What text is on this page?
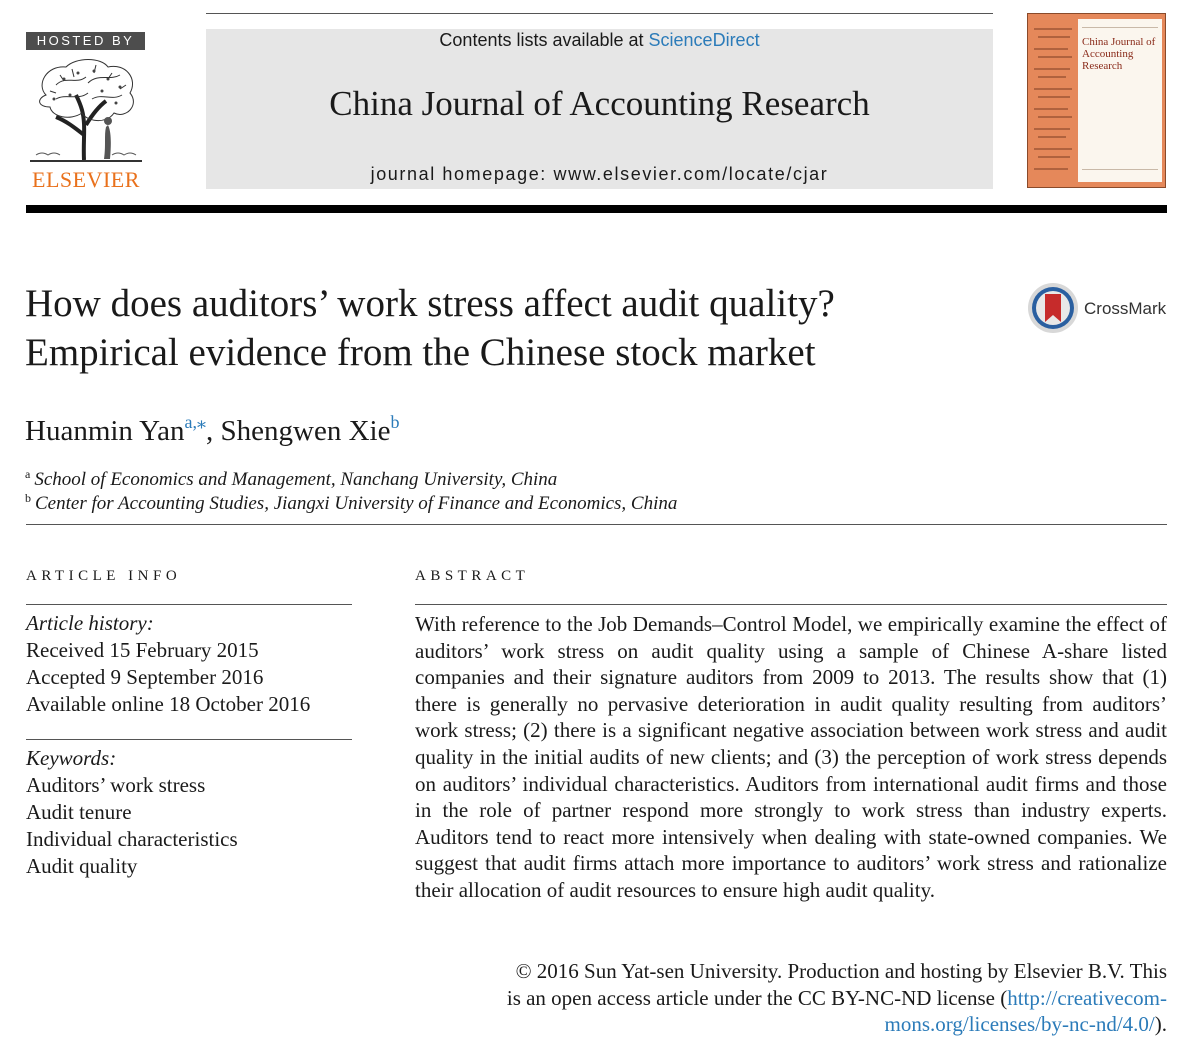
HOSTED BY
ELSEVIER
Contents lists available at ScienceDirect
China Journal of Accounting Research
journal homepage: www.elsevier.com/locate/cjar
China Journal of Accounting Research
How does auditors’ work stress affect audit quality?
Empirical evidence from the Chinese stock market
CrossMark
Huanmin Yan$^{a,⁎}$, Shengwen Xie$^b$
$^a$ School of Economics and Management, Nanchang University, China
$^b$ Center for Accounting Studies, Jiangxi University of Finance and Economics, China
ARTICLE INFO
Article history:
Received 15 February 2015
Accepted 9 September 2016
Available online 18 October 2016
Keywords:
Auditors’ work stress
Audit tenure
Individual characteristics
Audit quality
ABSTRACT
With reference to the Job Demands–Control Model, we empirically examine the effect of auditors’ work stress on audit quality using a sample of Chinese A-share listed companies and their signature auditors from 2009 to 2013. The results show that (1) there is generally no pervasive deterioration in audit quality resulting from auditors’ work stress; (2) there is a significant negative association between work stress and audit quality in the initial audits of new clients; and (3) the perception of work stress depends on auditors’ individual characteristics. Auditors from international audit firms and those in the role of partner respond more strongly to work stress than industry experts. Auditors tend to react more intensively when dealing with state-owned companies. We suggest that audit firms attach more importance to auditors’ work stress and rationalize their allocation of audit resources to ensure high audit quality.
© 2016 Sun Yat-sen University. Production and hosting by Elsevier B.V. This
is an open access article under the CC BY-NC-ND license (http://creativecom-
mons.org/licenses/by-nc-nd/4.0/).
